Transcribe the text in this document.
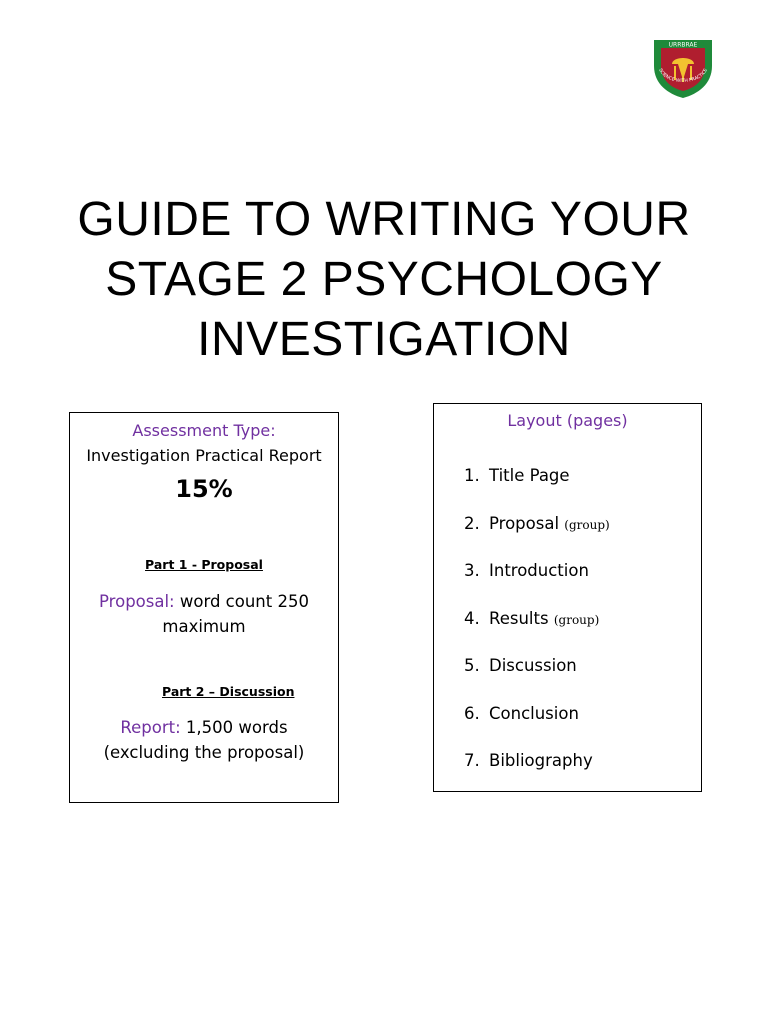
URRBRAE
SCIENCE WITH PRACTICE
GUIDE TO WRITING YOUR
STAGE 2 PSYCHOLOGY
INVESTIGATION
Assessment Type:
Investigation Practical Report
15%
Part 1 - Proposal
Proposal: word count 250
maximum
Part 2 – Discussion
Report: 1,500 words
(excluding the proposal)
Layout (pages)
1. Title Page
2. Proposal (group)
3. Introduction
4. Results (group)
5. Discussion
6. Conclusion
7. Bibliography
